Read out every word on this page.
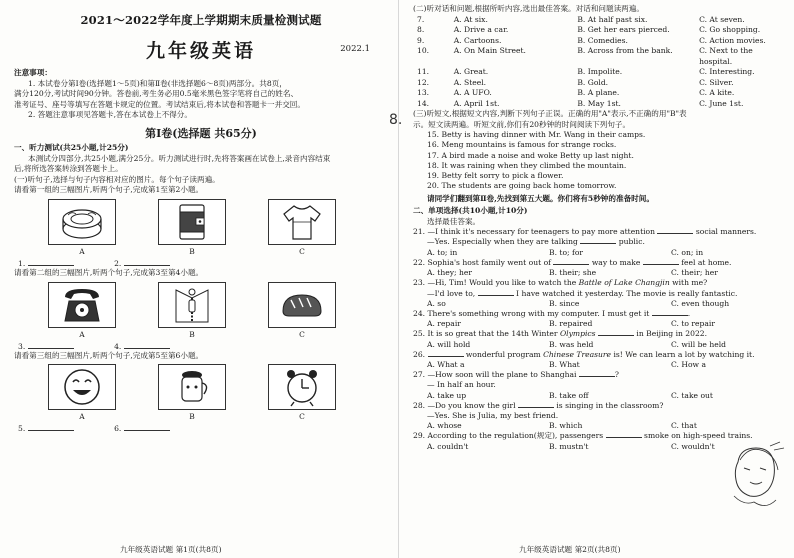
2021～2022学年度上学期期末质量检测试题
九年级英语	2022.1
注意事项：
1. 本试卷分第Ⅰ卷(选择题1～5页)和第Ⅱ卷(非选择题6～8页)两部分。共8页，
满分120分,考试时间90分钟。答卷前,考生务必用0.5毫米黑色签字笔将自己的姓名、
准考证号、座号等填写在答题卡规定的位置。考试结束后,将本试卷和答题卡一并交回。
2. 答题注意事项见答题卡,答在本试卷上不得分。
第Ⅰ卷(选择题 共65分)
一、听力测试(共25小题,计25分)
本测试分四部分,共25小题,满分25分。听力测试进行时,先将答案画在试卷上,录音内容结束
后,将所选答案转涂到答题卡上。
(一)听句子,选择与句子内容相对应的图片。每个句子读两遍。
请看第一组的三幅图片,听两个句子,完成第1至第2小题。
A	B	C
1.	2.
请看第二组的三幅图片,听两个句子,完成第3至第4小题。
A	B	C
3.	4.
请看第三组的三幅图片,听两个句子,完成第5至第6小题。
A	B	C
5.	6.
九年级英语试题 第1页(共8页)
(二)听对话和问题,根据所听内容,选出最佳答案。对话和问题读两遍。
7.	A. At six.	B. At half past six.	C. At seven.
8.	A. Drive a car.	B. Get her ears pierced.	C. Go shopping.
9.	A. Cartoons.	B. Comedies.	C. Action movies.
10.	A. On Main Street.	B. Across from the bank.	C. Next to the hospital.
11.	A. Great.	B. Impolite.	C. Interesting.
12.	A. Steel.	B. Gold.	C. Silver.
13.	A. A UFO.	B. A plane.	C. A kite.
14.	A. April 1st.	B. May 1st.	C. June 1st.
(三)听短文,根据短文内容,判断下列句子正误。正确的用"A"表示,不正确的用"B"表
示。短文读两遍。听短文前,你们有20秒钟的时间阅读下列句子。
15. Betty is having dinner with Mr. Wang in their camps.
16. Meng mountains is famous for strange rocks.
17. A bird made a noise and woke Betty up last night.
18. It was raining when they climbed the mountain.
19. Betty felt sorry to pick a flower.
20. The students are going back home tomorrow.
请同学们翻到第Ⅱ卷,先找到第五大题。你们将有5秒钟的准备时间。
二、单项选择(共10小题,计10分)
选择最佳答案。
21. —I think it's necessary for teenagers to pay more attention	social manners.
—Yes. Especially when they are talking	public.
A. to; in	B. to; for	C. on; in
22. Sophia's host family went out of	way to make	feel at home.
A. they; her	B. their; she	C. their; her
23. —Hi, Tim! Would you like to watch the Battle of Lake Changjin with me?
—I'd love to,	I have watched it yesterday. The movie is really fantastic.
A. so	B. since	C. even though
24. There's something wrong with my computer. I must get it	.
A. repair	B. repaired	C. to repair
25. It is so great that the 14th Winter Olympics	in Beijing in 2022.
A. will hold	B. was held	C. will be held
26.	wonderful program Chinese Treasure is! We can learn a lot by watching it.
A. What a	B. What	C. How a
27. —How soon will the plane to Shanghai	?
— In half an hour.
A. take up	B. take off	C. take out
28. —Do you know the girl	is singing in the classroom?
—Yes. She is Julia, my best friend.
A. whose	B. which	C. that
29. According to the regulation(规定), passengers	smoke on high-speed trains.
A. couldn't	B. mustn't	C. wouldn't
8.
九年级英语试题 第2页(共8页)
